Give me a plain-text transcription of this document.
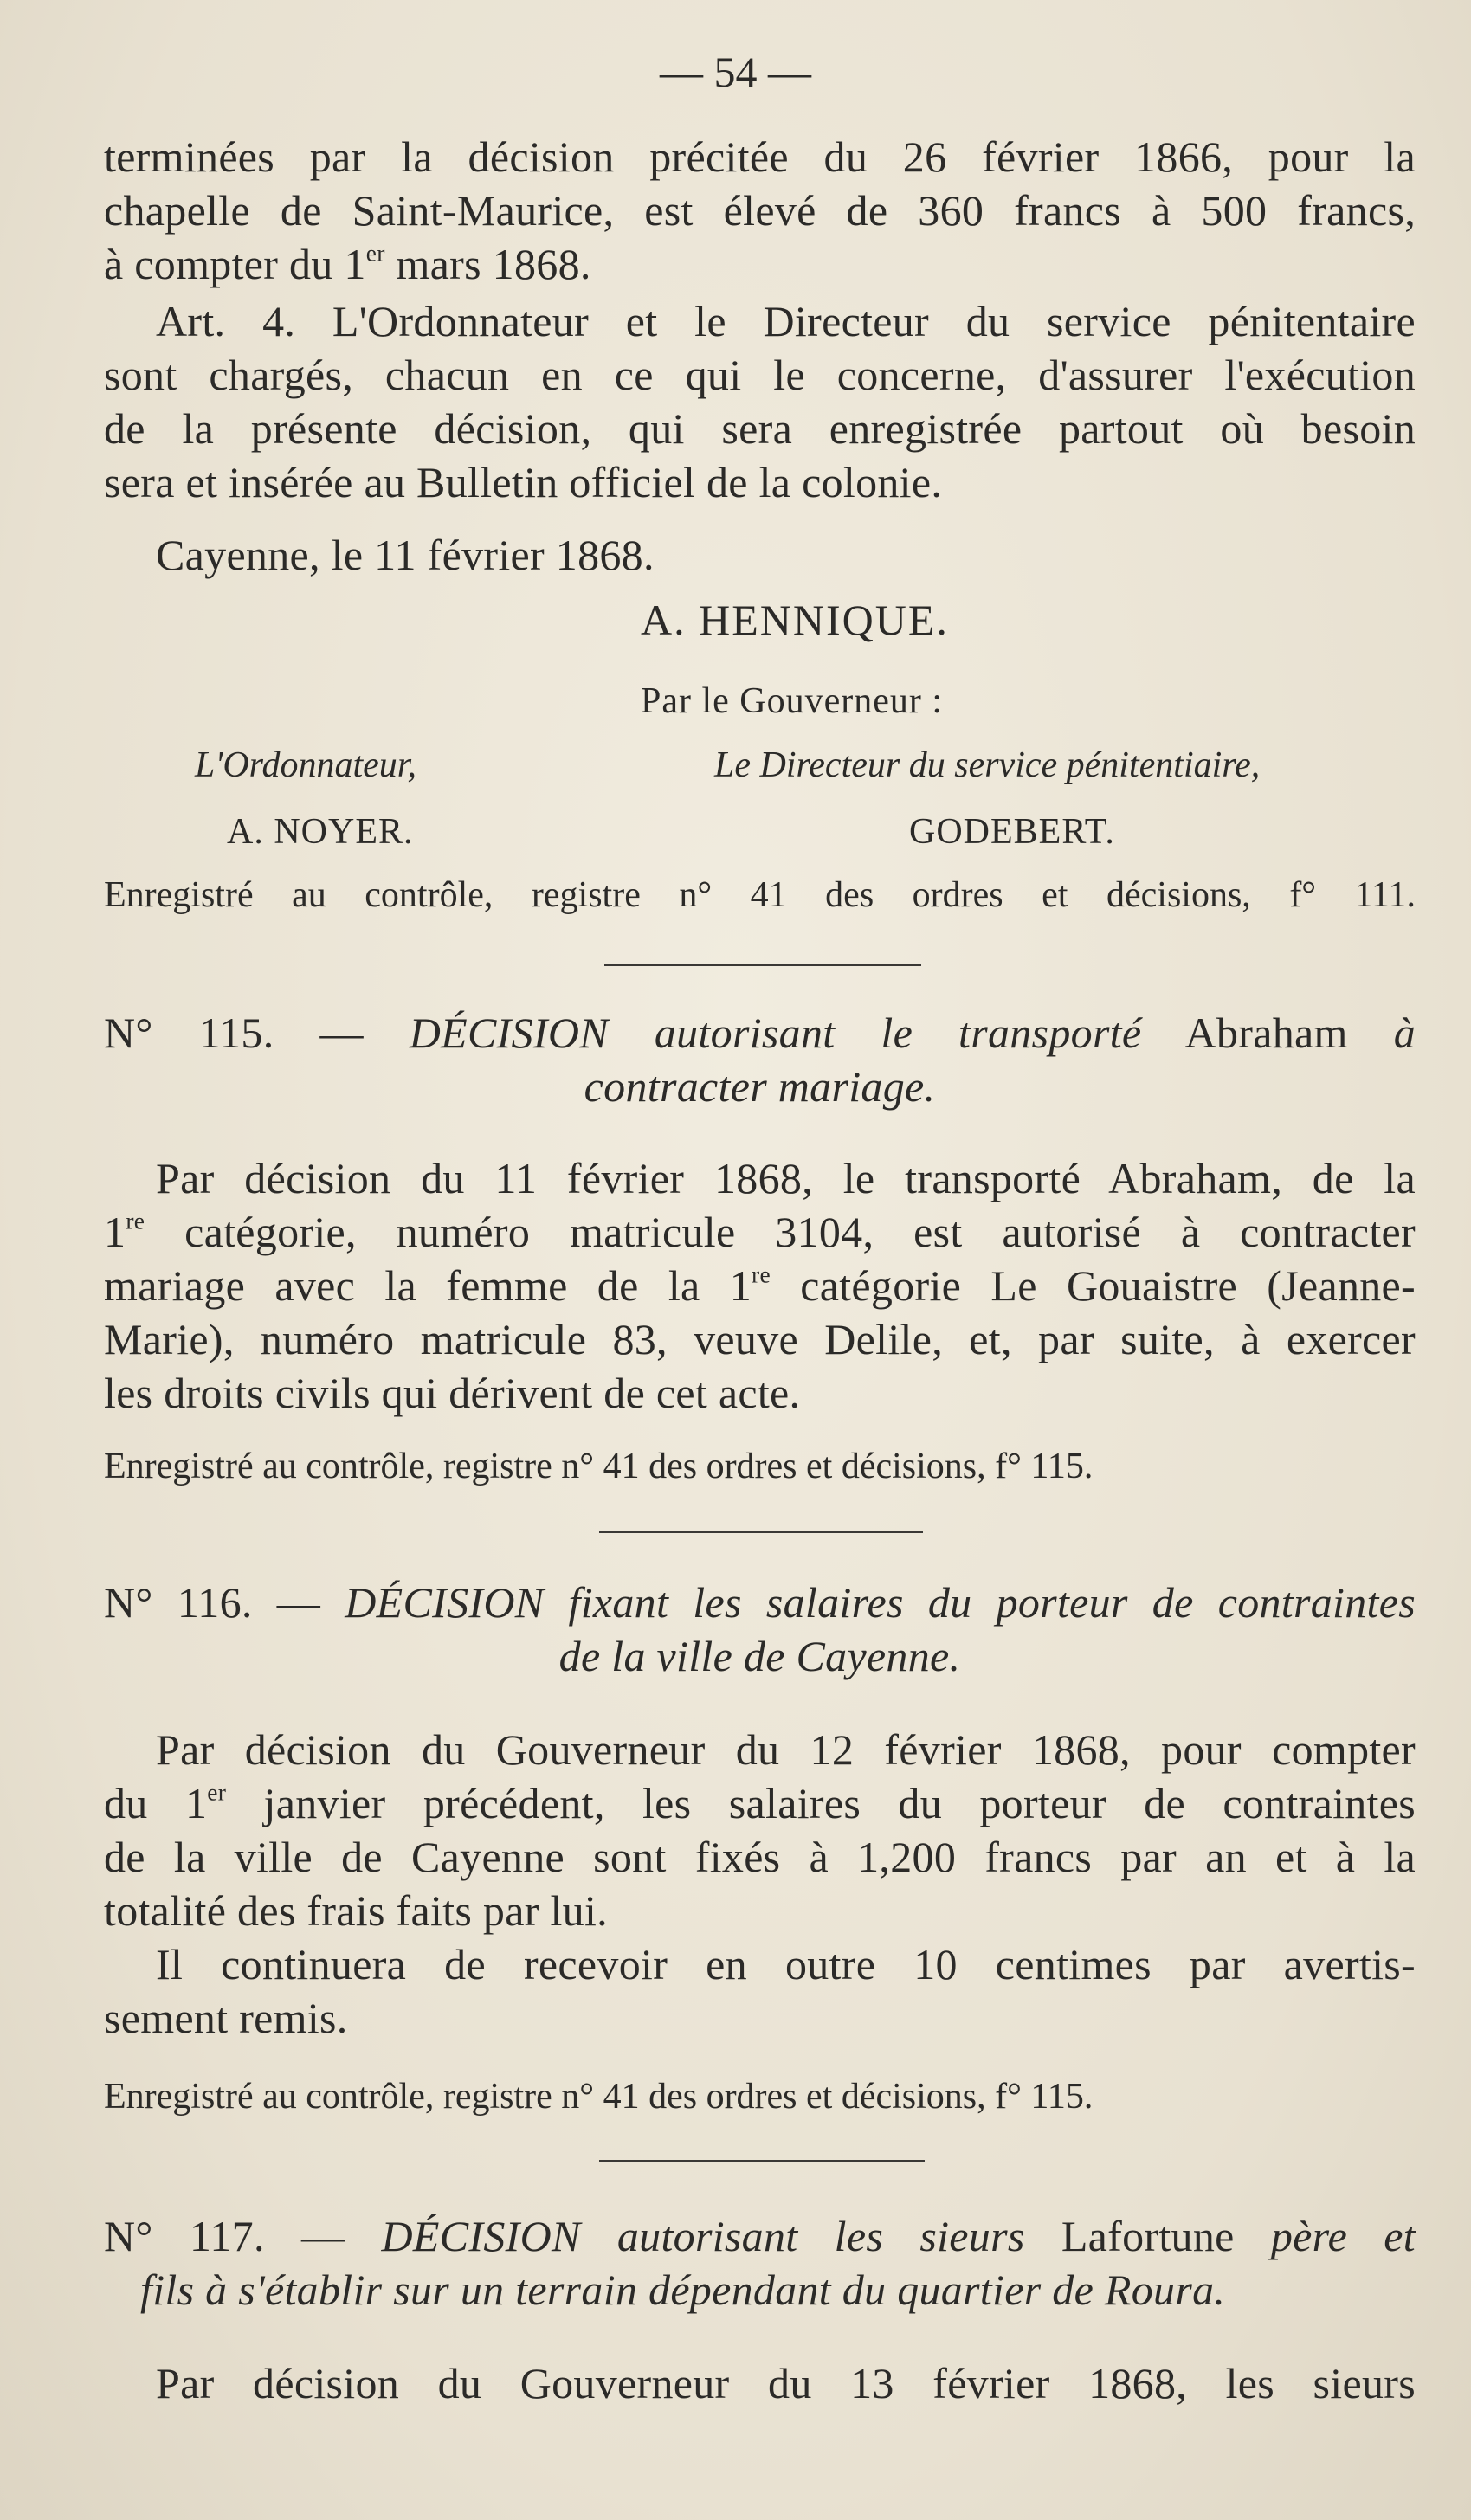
— 54 —
terminées par la décision précitée du 26 février 1866, pour la
chapelle de Saint-Maurice, est élevé de 360 francs à 500 francs,
à compter du 1er mars 1868.
Art. 4. L'Ordonnateur et le Directeur du service pénitentaire
sont chargés, chacun en ce qui le concerne, d'assurer l'exécution
de la présente décision, qui sera enregistrée partout où besoin
sera et insérée au Bulletin officiel de la colonie.
Cayenne, le 11 février 1868.
A. HENNIQUE.
Par le Gouverneur :
L'Ordonnateur,	Le Directeur du service pénitentiaire,
A. NOYER.	GODEBERT.
Enregistré au contrôle, registre n° 41 des ordres et décisions, f° 111.
N° 115. — DÉCISION autorisant le transporté Abraham à
contracter mariage.
Par décision du 11 février 1868, le transporté Abraham, de la
1re catégorie, numéro matricule 3104, est autorisé à contracter
mariage avec la femme de la 1re catégorie Le Gouaistre (Jeanne-
Marie), numéro matricule 83, veuve Delile, et, par suite, à exercer
les droits civils qui dérivent de cet acte.
Enregistré au contrôle, registre n° 41 des ordres et décisions, f° 115.
N° 116. — DÉCISION fixant les salaires du porteur de contraintes
de la ville de Cayenne.
Par décision du Gouverneur du 12 février 1868, pour compter
du 1er janvier précédent, les salaires du porteur de contraintes
de la ville de Cayenne sont fixés à 1,200 francs par an et à la
totalité des frais faits par lui.
Il continuera de recevoir en outre 10 centimes par avertis-
sement remis.
Enregistré au contrôle, registre n° 41 des ordres et décisions, f° 115.
N° 117. — DÉCISION autorisant les sieurs Lafortune père et
fils à s'établir sur un terrain dépendant du quartier de Roura.
Par décision du Gouverneur du 13 février 1868, les sieurs
